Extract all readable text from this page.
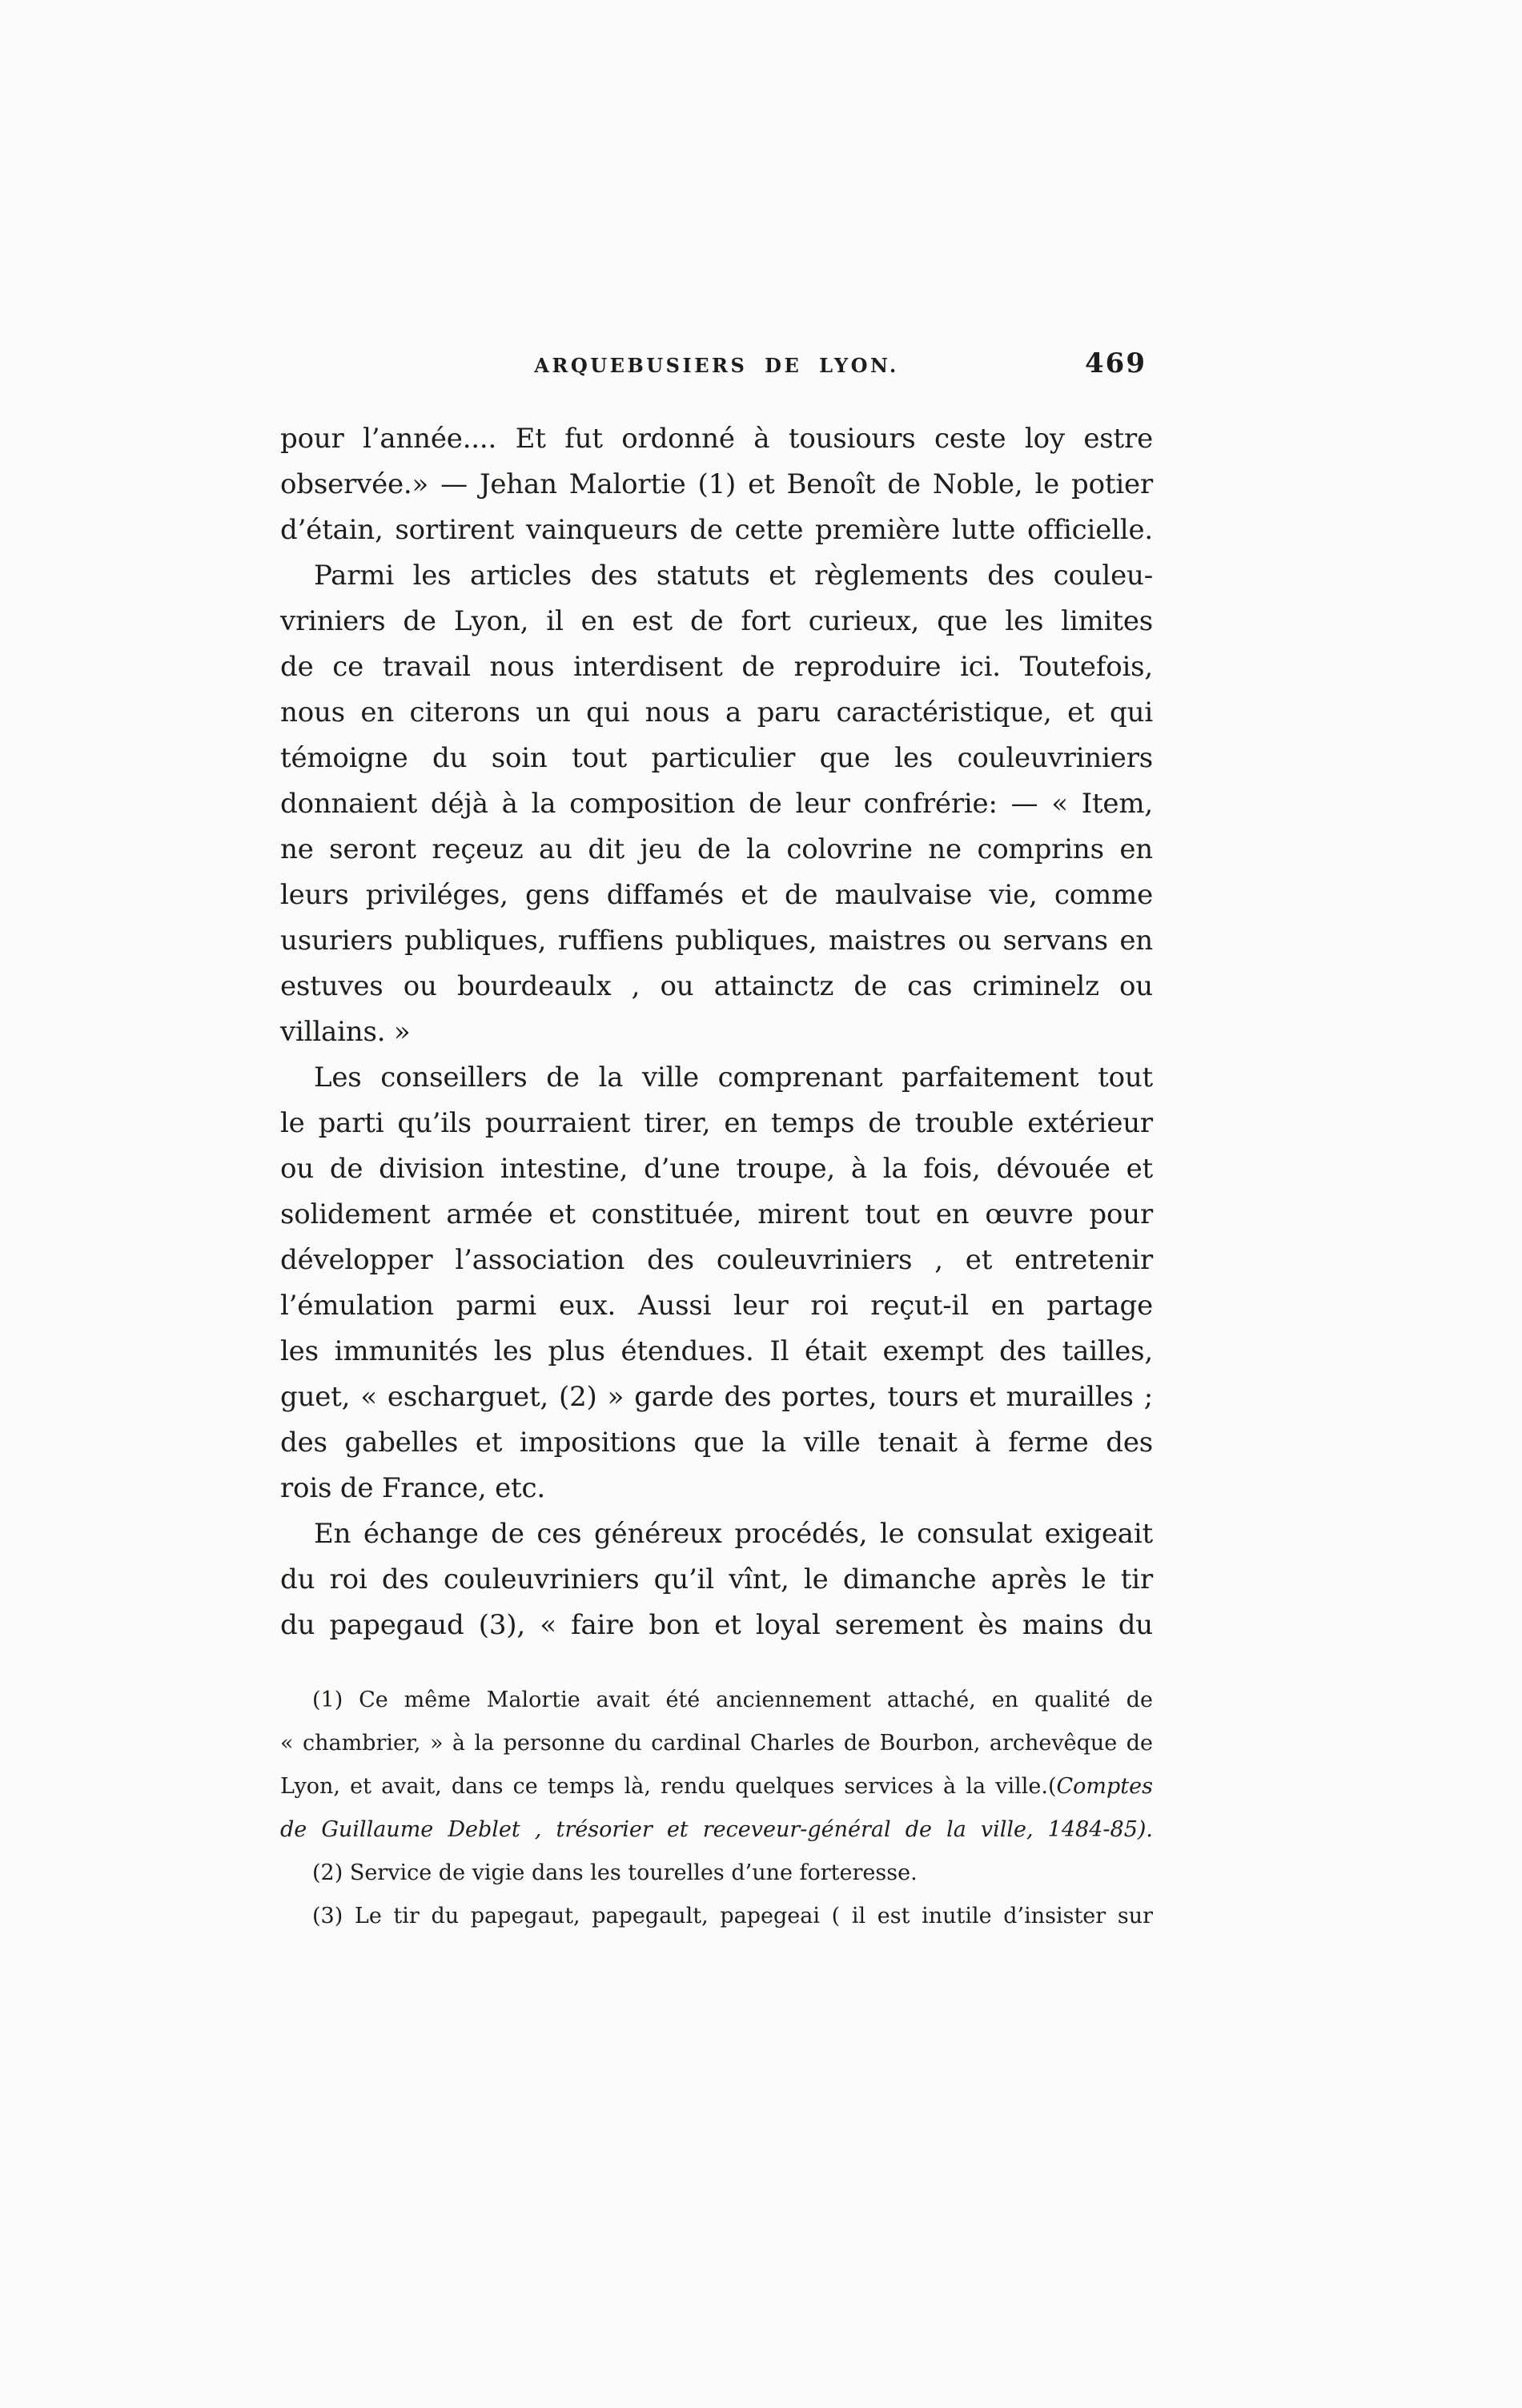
ARQUEBUSIERS DE LYON.	469
pour l’année.... Et fut ordonné à tousiours ceste loy estre
observée.» — Jehan Malortie (1) et Benoît de Noble, le potier
d’étain, sortirent vainqueurs de cette première lutte officielle.
Parmi les articles des statuts et règlements des couleu-
vriniers de Lyon, il en est de fort curieux, que les limites
de ce travail nous interdisent de reproduire ici. Toutefois,
nous en citerons un qui nous a paru caractéristique, et qui
témoigne du soin tout particulier que les couleuvriniers
donnaient déjà à la composition de leur confrérie: — « Item,
ne seront reçeuz au dit jeu de la colovrine ne comprins en
leurs priviléges, gens diffamés et de maulvaise vie, comme
usuriers publiques, ruffiens publiques, maistres ou servans en
estuves ou bourdeaulx , ou attainctz de cas criminelz ou
villains. »
Les conseillers de la ville comprenant parfaitement tout
le parti qu’ils pourraient tirer, en temps de trouble extérieur
ou de division intestine, d’une troupe, à la fois, dévouée et
solidement armée et constituée, mirent tout en œuvre pour
développer l’association des couleuvriniers , et entretenir
l’émulation parmi eux. Aussi leur roi reçut-il en partage
les immunités les plus étendues. Il était exempt des tailles,
guet, « escharguet, (2) » garde des portes, tours et murailles ;
des gabelles et impositions que la ville tenait à ferme des
rois de France, etc.
En échange de ces généreux procédés, le consulat exigeait
du roi des couleuvriniers qu’il vînt, le dimanche après le tir
du papegaud (3), « faire bon et loyal serement ès mains du
(1) Ce même Malortie avait été anciennement attaché, en qualité de
« chambrier, » à la personne du cardinal Charles de Bourbon, archevêque de
Lyon, et avait, dans ce temps là, rendu quelques services à la ville.(Comptes
de Guillaume Deblet , trésorier et receveur-général de la ville, 1484-85).
(2) Service de vigie dans les tourelles d’une forteresse.
(3) Le tir du papegaut, papegault, papegeai ( il est inutile d’insister sur
